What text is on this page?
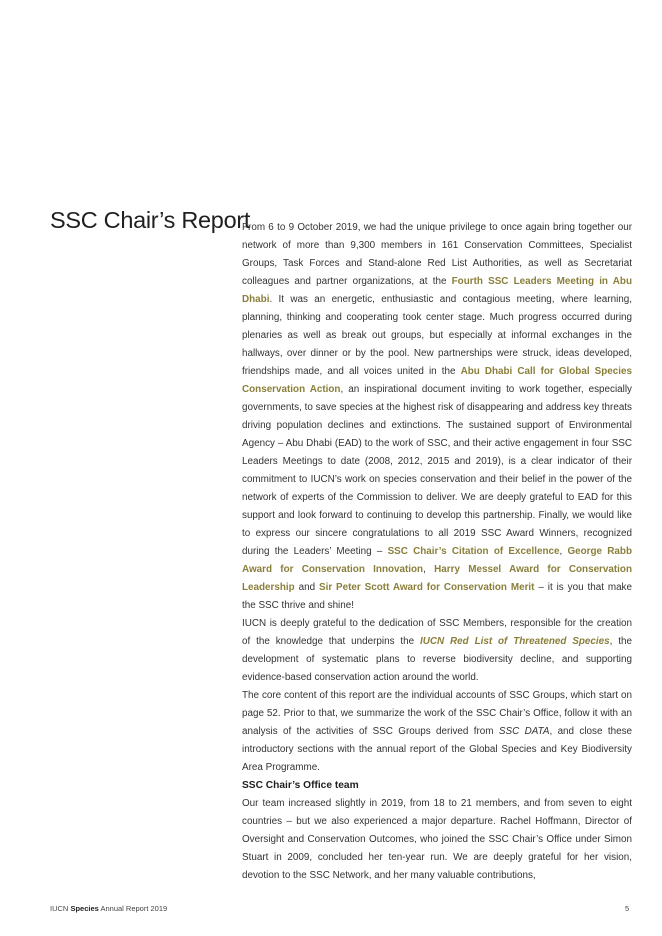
SSC Chair’s Report

From 6 to 9 October 2019, we had the unique privilege to once again bring together our network of more than 9,300 members in 161 Conservation Committees, Specialist Groups, Task Forces and Stand-alone Red List Authorities, as well as Secretariat colleagues and partner organizations, at the Fourth SSC Leaders Meeting in Abu Dhabi. It was an energetic, enthusiastic and contagious meeting, where learning, planning, thinking and cooperating took center stage. Much progress occurred during plenaries as well as break out groups, but especially at informal exchanges in the hallways, over dinner or by the pool. New partnerships were struck, ideas developed, friendships made, and all voices united in the Abu Dhabi Call for Global Species Conservation Action, an inspirational document inviting to work together, especially governments, to save species at the highest risk of disappearing and address key threats driving population declines and extinctions. The sustained support of Environmental Agency – Abu Dhabi (EAD) to the work of SSC, and their active engagement in four SSC Leaders Meetings to date (2008, 2012, 2015 and 2019), is a clear indicator of their commitment to IUCN’s work on species conservation and their belief in the power of the network of experts of the Commission to deliver. We are deeply grateful to EAD for this support and look forward to continuing to develop this partnership. Finally, we would like to express our sincere congratulations to all 2019 SSC Award Winners, recognized during the Leaders’ Meeting – SSC Chair’s Citation of Excellence, George Rabb Award for Conservation Innovation, Harry Messel Award for Conservation Leadership and Sir Peter Scott Award for Conservation Merit – it is you that make the SSC thrive and shine!

IUCN is deeply grateful to the dedication of SSC Members, responsible for the creation of the knowledge that underpins the IUCN Red List of Threatened Species, the development of systematic plans to reverse biodiversity decline, and supporting evidence-based conservation action around the world.

The core content of this report are the individual accounts of SSC Groups, which start on page 52. Prior to that, we summarize the work of the SSC Chair’s Office, follow it with an analysis of the activities of SSC Groups derived from SSC DATA, and close these introductory sections with the annual report of the Global Species and Key Biodiversity Area Programme.

SSC Chair’s Office team

Our team increased slightly in 2019, from 18 to 21 members, and from seven to eight countries – but we also experienced a major departure. Rachel Hoffmann, Director of Oversight and Conservation Outcomes, who joined the SSC Chair’s Office under Simon Stuart in 2009, concluded her ten-year run. We are deeply grateful for her vision, devotion to the SSC Network, and her many valuable contributions,

IUCN Species Annual Report 2019	5
